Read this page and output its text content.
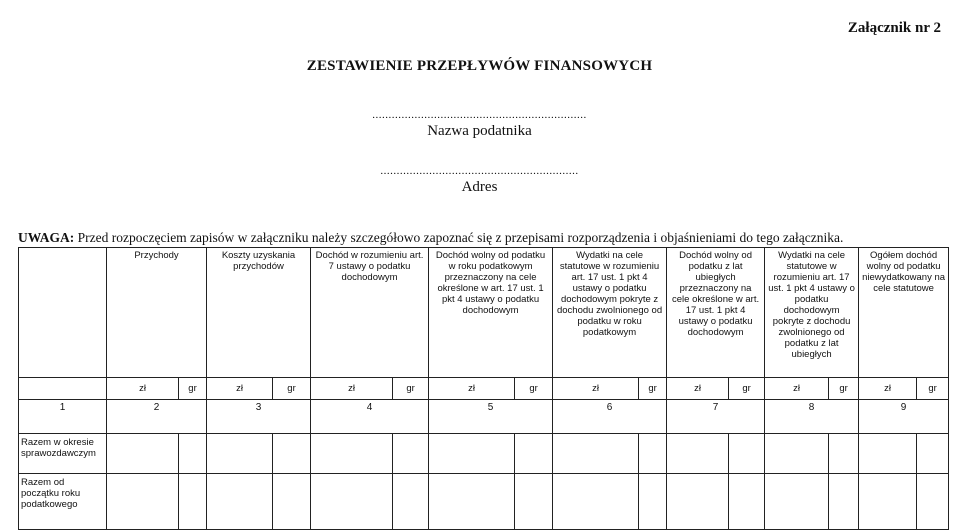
Załącznik nr 2
ZESTAWIENIE PRZEPŁYWÓW FINANSOWYCH
..................................................................
Nazwa podatnika
.............................................................
Adres
UWAGA: Przed rozpoczęciem zapisów w załączniku należy szczegółowo zapoznać się z przepisami rozporządzenia i objaśnieniami do tego załącznika.
	Przychody		Koszty uzyskania przychodów		Dochód w rozumieniu art. 7 ustawy o podatku dochodowym		Dochód wolny od podatku w roku podatkowym przeznaczony na cele określone w art. 17 ust. 1 pkt 4 ustawy o podatku dochodowym		Wydatki na cele statutowe w rozumieniu art. 17 ust. 1 pkt 4 ustawy o podatku dochodowym pokryte z dochodu zwolnionego od podatku w roku podatkowym		Dochód wolny od podatku z lat ubiegłych przeznaczony na cele określone w art. 17 ust. 1 pkt 4 ustawy o podatku dochodowym		Wydatki na cele statutowe w rozumieniu art. 17 ust. 1 pkt 4 ustawy o podatku dochodowym pokryte z dochodu zwolnionego od podatku z lat ubiegłych		Ogółem dochód wolny od podatku niewydatkowany na cele statutowe	
	zł	gr	zł	gr	zł	gr	zł	gr	zł	gr	zł	gr	zł	gr	zł	gr
1	2		3		4		5		6		7		8		9	
Razem w okresie sprawozdawczym																
Razem od początku roku podatkowego																
